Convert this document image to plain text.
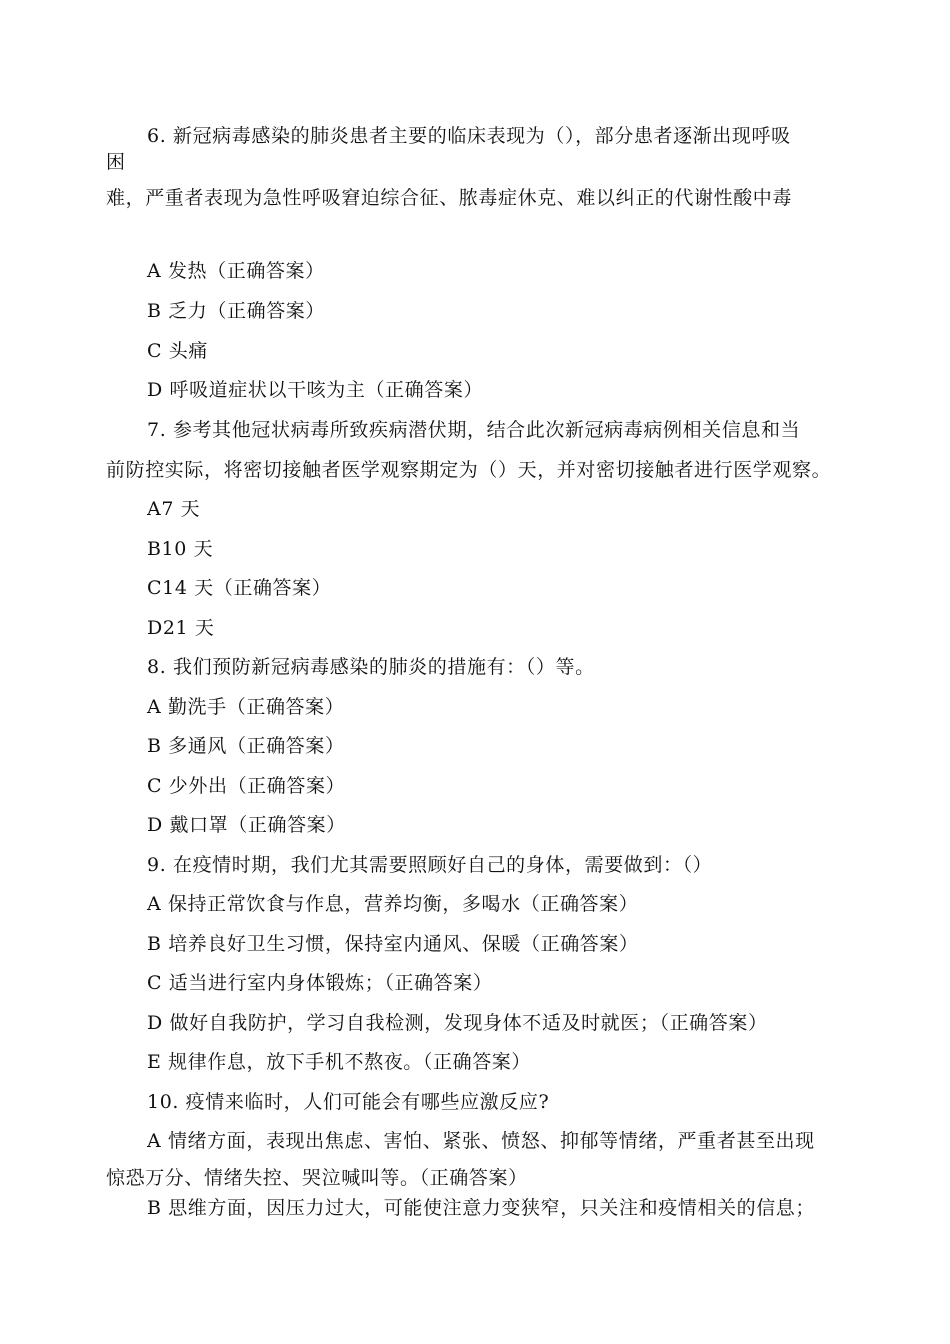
6. 新冠病毒感染的肺炎患者主要的临床表现为（），部分患者逐渐出现呼吸
困
难，严重者表现为急性呼吸窘迫综合征、脓毒症休克、难以纠正的代谢性酸中毒
A 发热（正确答案）
B 乏力（正确答案）
C 头痛
D 呼吸道症状以干咳为主（正确答案）
7. 参考其他冠状病毒所致疾病潜伏期，结合此次新冠病毒病例相关信息和当
前防控实际，将密切接触者医学观察期定为（）天，并对密切接触者进行医学观察。
A7 天
B10 天
C14 天（正确答案）
D21 天
8. 我们预防新冠病毒感染的肺炎的措施有：（）等。
A 勤洗手（正确答案）
B 多通风（正确答案）
C 少外出（正确答案）
D 戴口罩（正确答案）
9. 在疫情时期，我们尤其需要照顾好自己的身体，需要做到：（）
A 保持正常饮食与作息，营养均衡，多喝水（正确答案）
B 培养良好卫生习惯，保持室内通风、保暖（正确答案）
C 适当进行室内身体锻炼；（正确答案）
D 做好自我防护，学习自我检测，发现身体不适及时就医；（正确答案）
E 规律作息，放下手机不熬夜。（正确答案）
10. 疫情来临时，人们可能会有哪些应激反应?
A 情绪方面，表现出焦虑、害怕、紧张、愤怒、抑郁等情绪，严重者甚至出现
惊恐万分、情绪失控、哭泣喊叫等。（正确答案）
B 思维方面，因压力过大，可能使注意力变狭窄，只关注和疫情相关的信息；
